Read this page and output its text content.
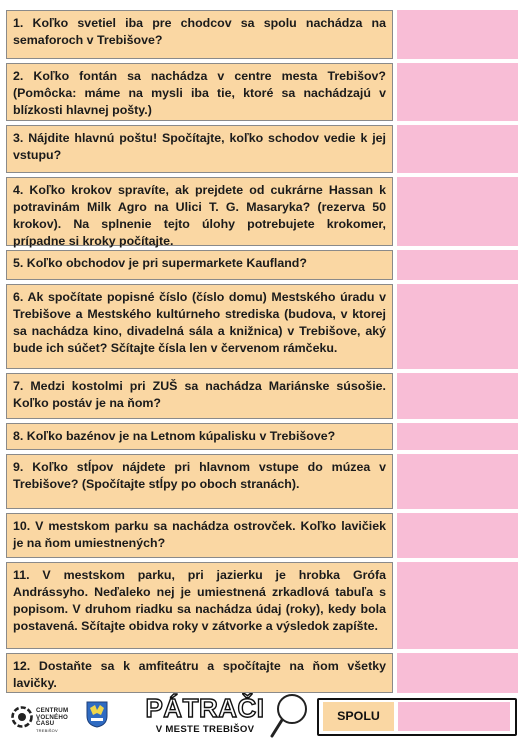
1. Koľko svetiel iba pre chodcov sa spolu nachádza na semaforoch v Trebišove?
2. Koľko fontán sa nachádza v centre mesta Trebišov? (Pomôcka: máme na mysli iba tie, ktoré sa nachádzajú v blízkosti hlavnej pošty.)
3. Nájdite hlavnú poštu! Spočítajte, koľko schodov vedie k jej vstupu?
4. Koľko krokov spravíte, ak prejdete od cukrárne Hassan k potravinám Milk Agro na Ulici T. G. Masaryka? (rezerva 50 krokov). Na splnenie tejto úlohy potrebujete krokomer, prípadne si kroky počítajte.
5. Koľko obchodov je pri supermarkete Kaufland?
6. Ak spočítate popisné číslo (číslo domu) Mestského úradu v Trebišove a Mestského kultúrneho strediska (budova, v ktorej sa nachádza kino, divadelná sála a knižnica) v Trebišove, aký bude ich súčet? Sčítajte čísla len v červenom rámčeku.
7. Medzi kostolmi pri ZUŠ sa nachádza Mariánske súsošie. Koľko postáv je na ňom?
8. Koľko bazénov je na Letnom kúpalisku v Trebišove?
9. Koľko stĺpov nájdete pri hlavnom vstupe do múzea v Trebišove? (Spočítajte stĺpy po oboch stranách).
10. V mestskom parku sa nachádza ostrovček. Koľko lavičiek je na ňom umiestnených?
11. V mestskom parku, pri jazierku je hrobka Grófa Andrássyho. Neďaleko nej je umiestnená zrkadlová tabuľa s popisom. V druhom riadku sa nachádza údaj (roky), kedy bola postavená. Sčítajte obidva roky v zátvorke a výsledok zapíšte.
12. Dostaňte sa k amfiteátru a spočítajte na ňom všetky lavičky.
CENTRUM
VOĽNÉHO
ČASU
TREBIŠOV
PÁTRAČI
V MESTE TREBIŠOV
SPOLU
